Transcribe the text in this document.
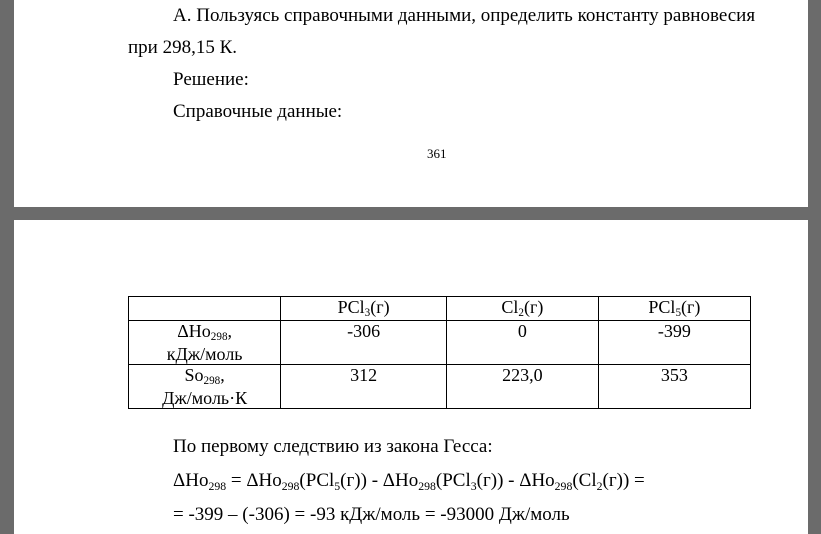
А. Пользуясь справочными данными, определить константу равновесия
при 298,15 К.
Решение:
Справочные данные:
361
	PCl$_3$(г)	$Cl_2(г)$	PCl$_5$(г)
ΔHo$_{298}$,
кДж/моль	-306	0	-399
$So_{298}$,
Дж/моль·К	312	223,0	353
По первому следствию из закона Гесса:
$\Delta Ho_{298} = \Delta Ho_{298}(PCl_5(г)) - \Delta Ho_{298}(PCl_3(г)) - \Delta Ho_{298}(Cl_2(г))$ =
= -399 – (-306) = -93 кДж/моль = -93000 Дж/моль
